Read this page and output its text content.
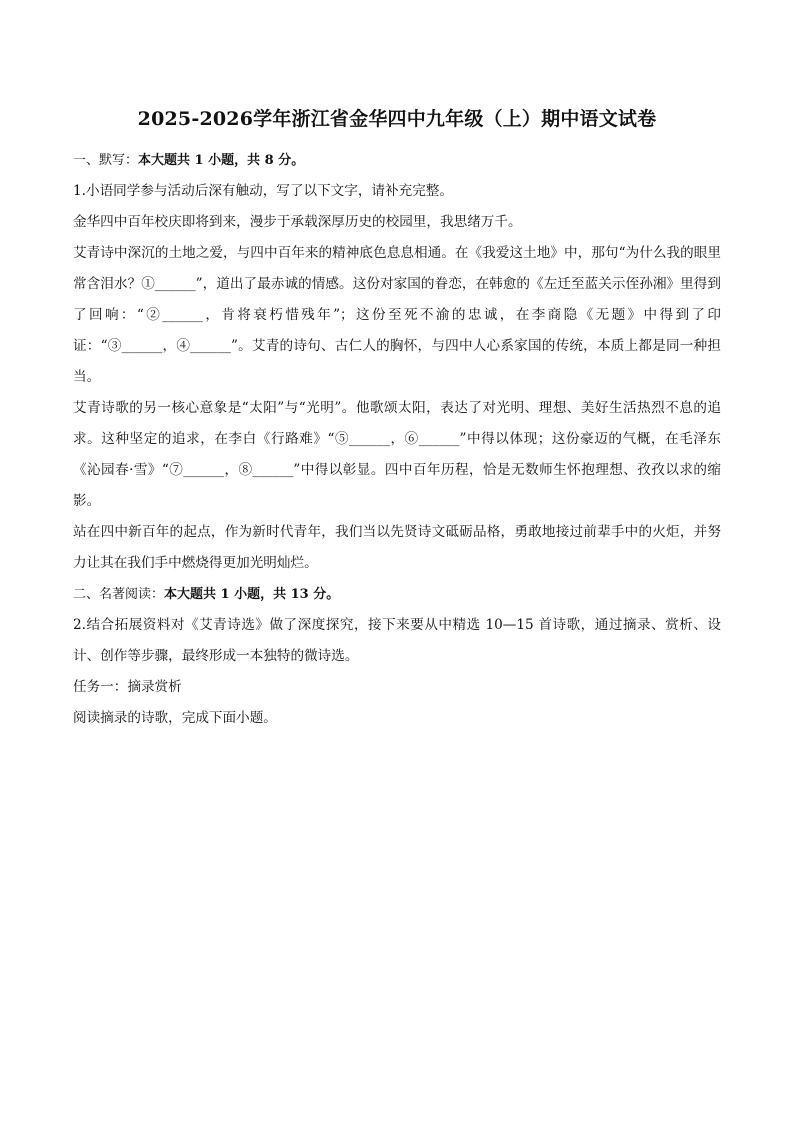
2025-2026学年浙江省金华四中九年级（上）期中语文试卷

一、默写：本大题共 1 小题，共 8 分。

1.小语同学参与活动后深有触动，写了以下文字，请补充完整。

金华四中百年校庆即将到来，漫步于承载深厚历史的校园里，我思绪万千。

艾青诗中深沉的土地之爱，与四中百年来的精神底色息息相通。在《我爱这土地》中，那句“为什么我的眼里常含泪水？①______”，道出了最赤诚的情感。这份对家国的眷恋，在韩愈的《左迁至蓝关示侄孙湘》里得到了回响：“②______，肯将衰朽惜残年”；这份至死不渝的忠诚，在李商隐《无题》中得到了印证：“③______，④______”。艾青的诗句、古仁人的胸怀，与四中人心系家国的传统，本质上都是同一种担当。

艾青诗歌的另一核心意象是“太阳”与“光明”。他歌颂太阳，表达了对光明、理想、美好生活热烈不息的追求。这种坚定的追求，在李白《行路难》“⑤______，⑥______”中得以体现；这份豪迈的气概，在毛泽东《沁园春·雪》“⑦______，⑧______”中得以彰显。四中百年历程，恰是无数师生怀抱理想、孜孜以求的缩影。

站在四中新百年的起点，作为新时代青年，我们当以先贤诗文砥砺品格，勇敢地接过前辈手中的火炬，并努力让其在我们手中燃烧得更加光明灿烂。

二、名著阅读：本大题共 1 小题，共 13 分。

2.结合拓展资料对《艾青诗选》做了深度探究，接下来要从中精选 10—15 首诗歌，通过摘录、赏析、设计、创作等步骤，最终形成一本独特的微诗选。

任务一：摘录赏析

阅读摘录的诗歌，完成下面小题。
